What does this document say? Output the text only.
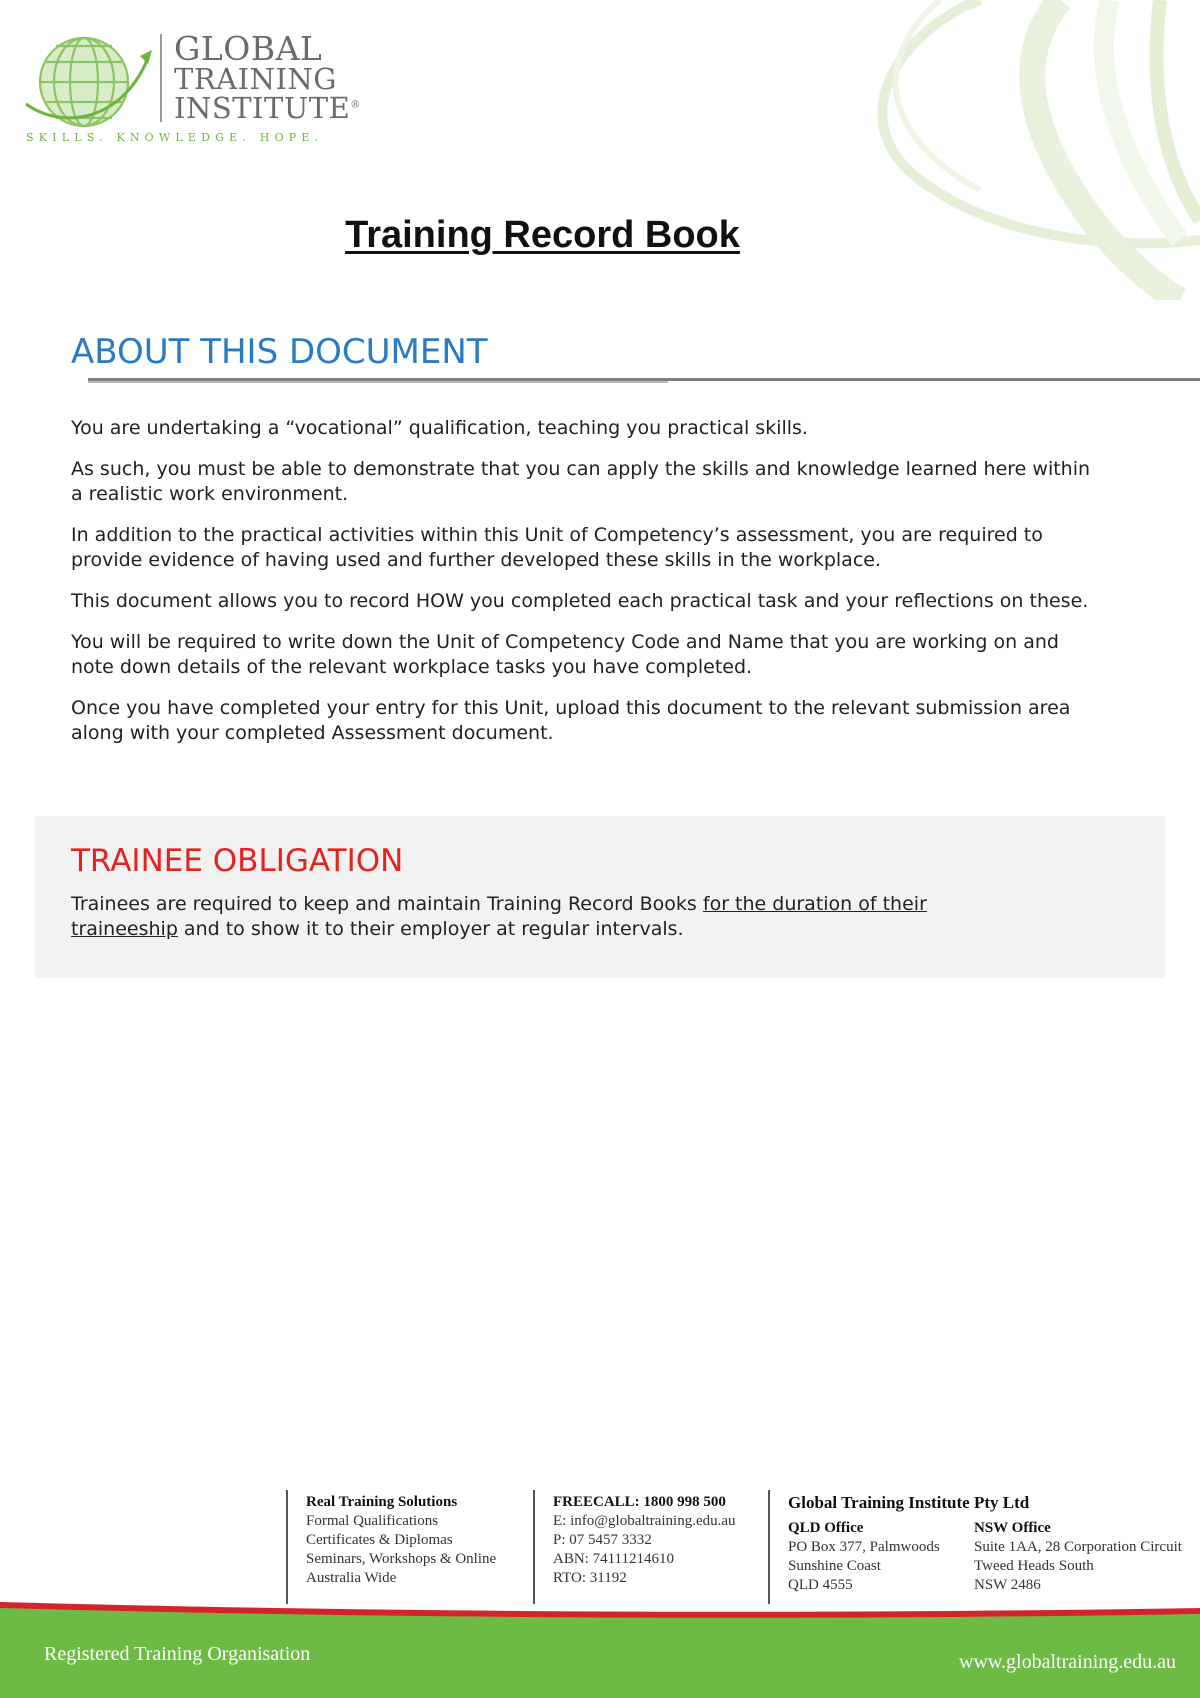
GLOBAL
TRAINING
INSTITUTE®
SKILLS. KNOWLEDGE. HOPE.
Training Record Book
ABOUT THIS DOCUMENT

You are undertaking a “vocational” qualification, teaching you practical skills.

As such, you must be able to demonstrate that you can apply the skills and knowledge learned here within a realistic work environment.

In addition to the practical activities within this Unit of Competency’s assessment, you are required to provide evidence of having used and further developed these skills in the workplace.

This document allows you to record HOW you completed each practical task and your reflections on these.

You will be required to write down the Unit of Competency Code and Name that you are working on and note down details of the relevant workplace tasks you have completed.

Once you have completed your entry for this Unit, upload this document to the relevant submission area along with your completed Assessment document.

TRAINEE OBLIGATION
Trainees are required to keep and maintain Training Record Books for the duration of their traineeship and to show it to their employer at regular intervals.
Real Training Solutions
Formal Qualifications
Certificates & Diplomas
Seminars, Workshops & Online
Australia Wide
FREECALL: 1800 998 500
E: info@globaltraining.edu.au
P: 07 5457 3332
ABN: 74111214610
RTO: 31192
Global Training Institute Pty Ltd
QLD Office
PO Box 377, Palmwoods
Sunshine Coast
QLD 4555
NSW Office
Suite 1AA, 28 Corporation Circuit
Tweed Heads South
NSW 2486
Registered Training Organisation	www.globaltraining.edu.au
